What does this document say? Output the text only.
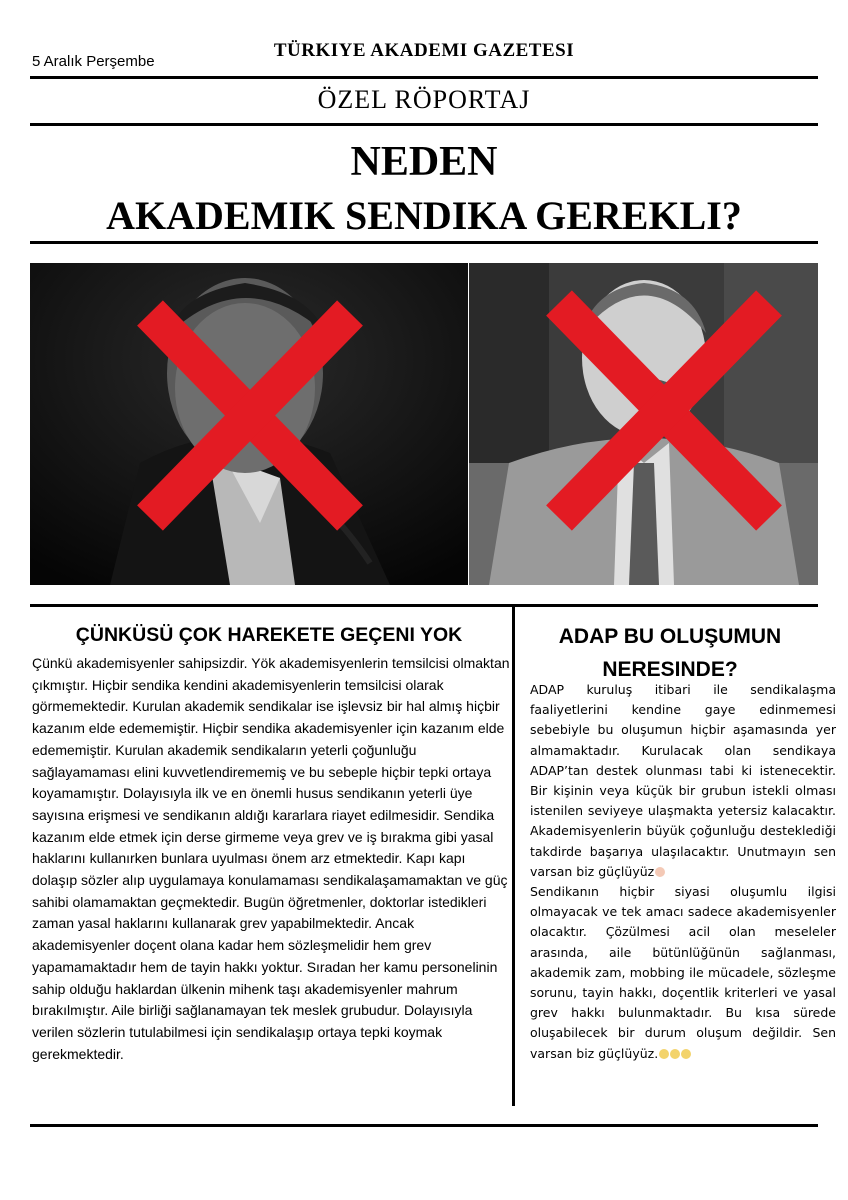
5 Aralık Perşembe
TÜRKIYE AKADEMI GAZETESI
ÖZEL RÖPORTAJ
NEDEN
AKADEMIK SENDIKA GEREKLI?
ÇÜNKÜSÜ ÇOK HAREKETE GEÇENI YOK
Çünkü akademisyenler sahipsizdir. Yök akademisyenlerin temsilcisi olmaktan çıkmıştır. Hiçbir sendika kendini akademisyenlerin temsilcisi olarak görmemektedir. Kurulan akademik sendikalar ise işlevsiz bir hal almış hiçbir kazanım elde edememiştir. Hiçbir sendika akademisyenler için kazanım elde edememiştir. Kurulan akademik sendikaların yeterli çoğunluğu sağlayamaması elini kuvvetlendirememiş ve bu sebeple hiçbir tepki ortaya koyamamıştır. Dolayısıyla ilk ve en önemli husus sendikanın yeterli üye sayısına erişmesi ve sendikanın aldığı kararlara riayet edilmesidir. Sendika kazanım elde etmek için derse girmeme veya grev ve iş bırakma gibi yasal haklarını kullanırken bunlara uyulması önem arz etmektedir. Kapı kapı dolaşıp sözler alıp uygulamaya konulamaması sendikalaşamamaktan ve güç sahibi olamamaktan geçmektedir. Bugün öğretmenler, doktorlar istedikleri zaman yasal haklarını kullanarak grev yapabilmektedir. Ancak akademisyenler doçent olana kadar hem sözleşmelidir hem grev yapamamaktadır hem de tayin hakkı yoktur. Sıradan her kamu personelinin sahip olduğu haklardan ülkenin mihenk taşı akademisyenler mahrum bırakılmıştır. Aile birliği sağlanamayan tek meslek grubudur. Dolayısıyla verilen sözlerin tutulabilmesi için sendikalaşıp ortaya tepki koymak gerekmektedir.
ADAP BU OLUŞUMUN
NERESINDE?

ADAP kuruluş itibari ile sendikalaşma faaliyetlerini kendine gaye edinmemesi sebebiyle bu oluşumun hiçbir aşamasında yer almamaktadır. Kurulacak olan sendikaya ADAP’tan destek olunması tabi ki istenecektir. Bir kişinin veya küçük bir grubun istekli olması istenilen seviyeye ulaşmakta yetersiz kalacaktır. Akademisyenlerin büyük çoğunluğu desteklediği takdirde başarıya ulaşılacaktır. Unutmayın sen varsan biz güçlüyüz

Sendikanın hiçbir siyasi oluşumlu ilgisi olmayacak ve tek amacı sadece akademisyenler olacaktır. Çözülmesi acil olan meseleler arasında, aile bütünlüğünün sağlanması, akademik zam, mobbing ile mücadele, sözleşme sorunu, tayin hakkı, doçentlik kriterleri ve yasal grev hakkı bulunmaktadır. Bu kısa sürede oluşabilecek bir durum oluşum değildir. Sen varsan biz güçlüyüz.
